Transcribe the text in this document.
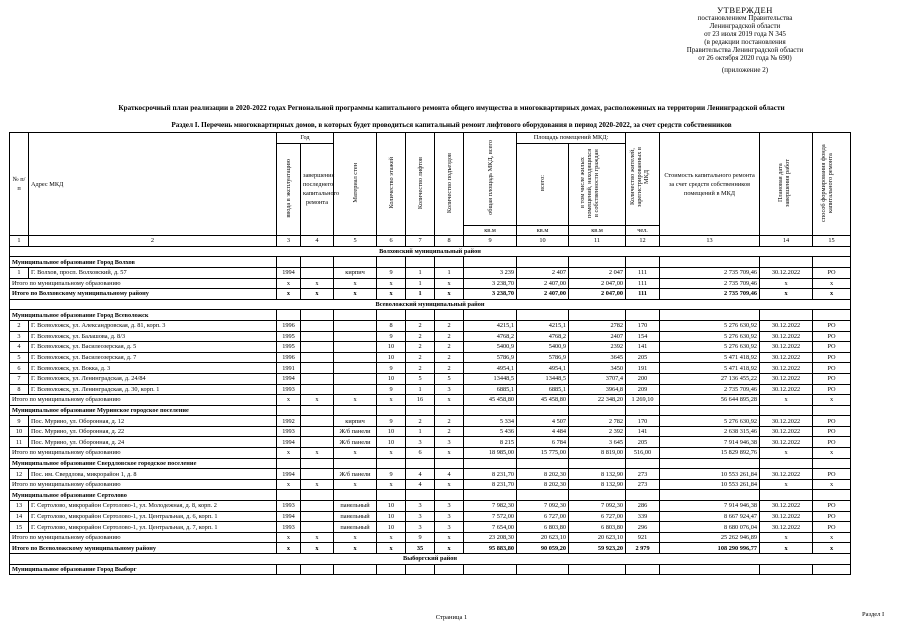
УТВЕРЖДЕН
постановлением Правительства
Ленинградской области
от 23 июля 2019 года N 345
(в редакции постановления
Правительства Ленинградской области
от 26 октября 2020 года № 690)
(приложение 2)
Краткосрочный план реализации в 2020-2022 годах Региональной программы капитального ремонта общего имущества в многоквартирных домах, расположенных на территории Ленинградской области
Раздел I. Перечень многоквартирных домов, в которых будет проводиться капитальный ремонт лифтового оборудования в период 2020-2022, за счет средств собственников
№ п/п	Адрес МКД	Год		Материал стен	Количество этажей	Количество лифтов	Количество подъездов	общая площадь МКД, всего	Площадь помещений МКД:		Количество жителей, зарегистрированных в МКД	Стоимость капитального ремонта за счет средств собственников помещений в МКД	Плановая дата завершения работ	способ формирования фонда капитального ремонта
		ввода в эксплуатацию	завершения последнего капитального ремонта						всего:	в том числе жилых помещений, находящихся в собственности граждан				
								кв.м	кв.м	кв.м	чел.			
1	2	3	4	5	6	7	8	9	10	11	12	13	14	15
Волховский муниципальный район														
Муниципальное образование Город Волхов														
1	Г. Волхов, просп. Волховский, д. 57	1994		кирпич	9	1	1	3 239	2 407	2 047	111	2 735 709,46	30.12.2022	РО
Итого по муниципальному образованию		x	x	x	x	1	x	3 238,70	2 407,00	2 047,00	111	2 735 709,46	x	x
Итого по Волховскому муниципальному району		x	x	x	x	1	x	3 238,70	2 407,00	2 047,00	111	2 735 709,46	x	x
Всеволожский муниципальный район														
Муниципальное образование Город Всеволожск														
2	Г. Всеволожск, ул. Александровская, д. 81, корп. 3	1996			8	2	2	4215,1	4215,1	2782	170	5 276 630,92	30.12.2022	РО
3	Г. Всеволожск, ул. Балашова, д. 8/3	1995			9	2	2	4768,2	4768,2	2407	154	5 276 630,92	30.12.2022	РО
4	Г. Всеволожск, ул. Василеозерская, д. 5	1995			10	2	2	5400,9	5400,9	2392	141	5 276 630,92	30.12.2022	РО
5	Г. Всеволожск, ул. Василеозерская, д. 7	1996			10	2	2	5786,9	5786,9	3645	205	5 471 418,92	30.12.2022	РО
6	Г. Всеволожск, ул. Вокка, д. 3	1991			9	2	2	4954,1	4954,1	3450	191	5 471 418,92	30.12.2022	РО
7	Г. Всеволожск, ул. Ленинградская, д. 24/84	1994			10	5	5	13448,5	13448,5	3707,4	200	27 136 455,22	30.12.2022	РО
8	Г. Всеволожск, ул. Ленинградская, д. 30, корп. 1	1993			9	1	3	6885,1	6885,1	3964,8	209	2 735 709,46	30.12.2022	РО
Итого по муниципальному образованию		x	x	x	x	16	x	45 458,80	45 458,80	22 348,20	1 269,10	56 644 895,28	x	x
Муниципальное образование Муринское городское поселение														
9	Пос. Мурино, ул. Оборонная, д. 12	1992		кирпич	9	2	2	5 334	4 507	2 782	170	5 276 630,92	30.12.2022	РО
10	Пос. Мурино, ул. Оборонная, д. 22	1993		Ж/б панели	10	1	2	5 436	4 484	2 392	141	2 638 315,46	30.12.2022	РО
11	Пос. Мурино, ул. Оборонная, д. 24	1994		Ж/б панели	10	3	3	8 215	6 784	3 645	205	7 914 946,38	30.12.2022	РО
Итого по муниципальному образованию		x	x	x	x	6	x	18 985,00	15 775,00	8 819,00	516,00	15 829 892,76	x	x
Муниципальное образование Свердловское городское поселение														
12	Пос. им. Свердлова, микрорайон 1, д. 8	1994		Ж/б панели	9	4	4	8 231,70	8 202,30	8 132,90	273	10 553 261,84	30.12.2022	РО
Итого по муниципальному образованию		x	x	x	x	4	x	8 231,70	8 202,30	8 132,90	273	10 553 261,84	x	x
Муниципальное образование Сертолово														
13	Г. Сертолово, микрорайон Сертолово-1, ул. Молодежная, д. 8, корп. 2	1993		панельный	10	3	3	7 982,30	7 092,30	7 092,30	286	7 914 946,38	30.12.2022	РО
14	Г. Сертолово, микрорайон Сертолово-1, ул. Центральная, д. 6, корп. 1	1994		панельный	10	3	3	7 572,00	6 727,00	6 727,00	339	8 667 924,47	30.12.2022	РО
15	Г. Сертолово, микрорайон Сертолово-1, ул. Центральная, д. 7, корп. 1	1993		панельный	10	3	3	7 654,00	6 803,80	6 803,80	296	8 680 076,04	30.12.2022	РО
Итого по муниципальному образованию		x	x	x	x	9	x	23 208,30	20 623,10	20 623,10	921	25 262 946,89	x	x
Итого по Всеволожскому муниципальному району		x	x	x	x	35	x	95 883,80	90 059,20	59 923,20	2 979	108 290 996,77	x	x
Выборгский район														
Муниципальное образование Город Выборг														
Страница 1	Раздел I
